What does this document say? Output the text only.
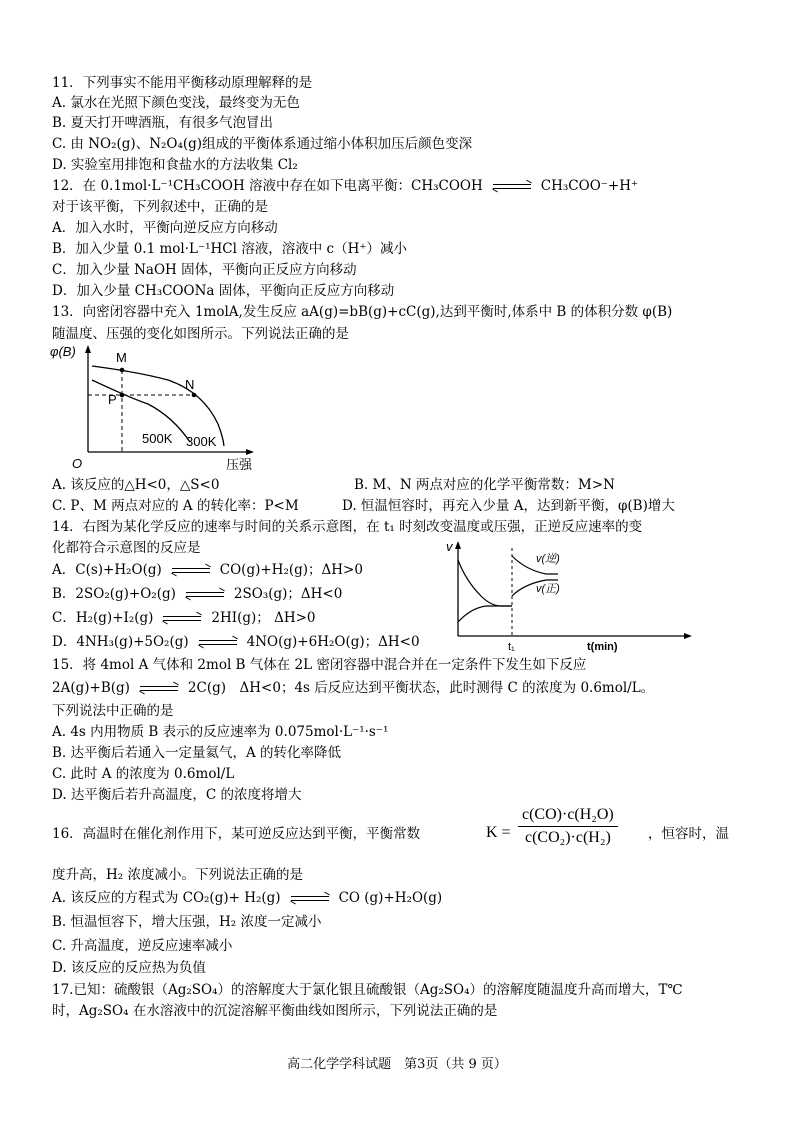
11．下列事实不能用平衡移动原理解释的是
A. 氯水在光照下颜色变浅，最终变为无色
B. 夏天打开啤酒瓶，有很多气泡冒出
C. 由 NO₂(g)、N₂O₄(g)组成的平衡体系通过缩小体积加压后颜色变深
D. 实验室用排饱和食盐水的方法收集 Cl₂
12．在 0.1mol·L⁻¹CH₃COOH 溶液中存在如下电离平衡：CH₃COOH	CH₃COO⁻+H⁺
对于该平衡，下列叙述中，正确的是
A．加入水时，平衡向逆反应方向移动
B．加入少量 0.1 mol·L⁻¹HCl 溶液，溶液中 c（H⁺）减小
C．加入少量 NaOH 固体，平衡向正反应方向移动
D．加入少量 CH₃COONa 固体，平衡向正反应方向移动
13．向密闭容器中充入 1molA,发生反应 aA(g)=bB(g)+cC(g),达到平衡时,体系中 B 的体积分数 φ(B)
随温度、压强的变化如图所示。下列说法正确的是
φ(B)	M
N
P
500K 300K
O	压强
A. 该反应的△H<0，△S<0	B. M、N 两点对应的化学平衡常数：M>N
C. P、M 两点对应的 A 的转化率：P<M	D. 恒温恒容时，再充入少量 A，达到新平衡，φ(B)增大
14．右图为某化学反应的速率与时间的关系示意图，在 t₁ 时刻改变温度或压强，正逆反应速率的变
化都符合示意图的反应是
A．C(s)+H₂O(g)	CO(g)+H₂(g)；ΔH>0
B．2SO₂(g)+O₂(g)	2SO₃(g)；ΔH<0
C．H₂(g)+I₂(g)	2HI(g)； ΔH>0
D．4NH₃(g)+5O₂(g)	4NO(g)+6H₂O(g)；ΔH<0
v
v(逆)
v(正)
t₁	t(min)
15．将 4mol A 气体和 2mol B 气体在 2L 密闭容器中混合并在一定条件下发生如下反应
2A(g)+B(g)	2C(g)　ΔH<0；4s 后反应达到平衡状态，此时测得 C 的浓度为 0.6mol/L。
下列说法中正确的是
A. 4s 内用物质 B 表示的反应速率为 0.075mol·L⁻¹·s⁻¹
B. 达平衡后若通入一定量氦气，A 的转化率降低
C. 此时 A 的浓度为 0.6mol/L
D. 达平衡后若升高温度，C 的浓度将增大
16．高温时在催化剂作用下，某可逆反应达到平衡，平衡常数	$K = \frac{\text{c(CO)·c(H₂O)}}{\text{c(CO₂)·c(H₂)}}$ ，恒容时，温
度升高，H₂ 浓度减小。下列说法正确的是
A. 该反应的方程式为 CO₂(g)+ H₂(g)	CO (g)+H₂O(g)
B. 恒温恒容下，增大压强，H₂ 浓度一定减小
C. 升高温度，逆反应速率减小
D. 该反应的反应热为负值
17.已知：硫酸银（Ag₂SO₄）的溶解度大于氯化银且硫酸银（Ag₂SO₄）的溶解度随温度升高而增大，T℃
时，Ag₂SO₄ 在水溶液中的沉淀溶解平衡曲线如图所示，下列说法正确的是
高二化学学科试题　第3页（共 9 页）
